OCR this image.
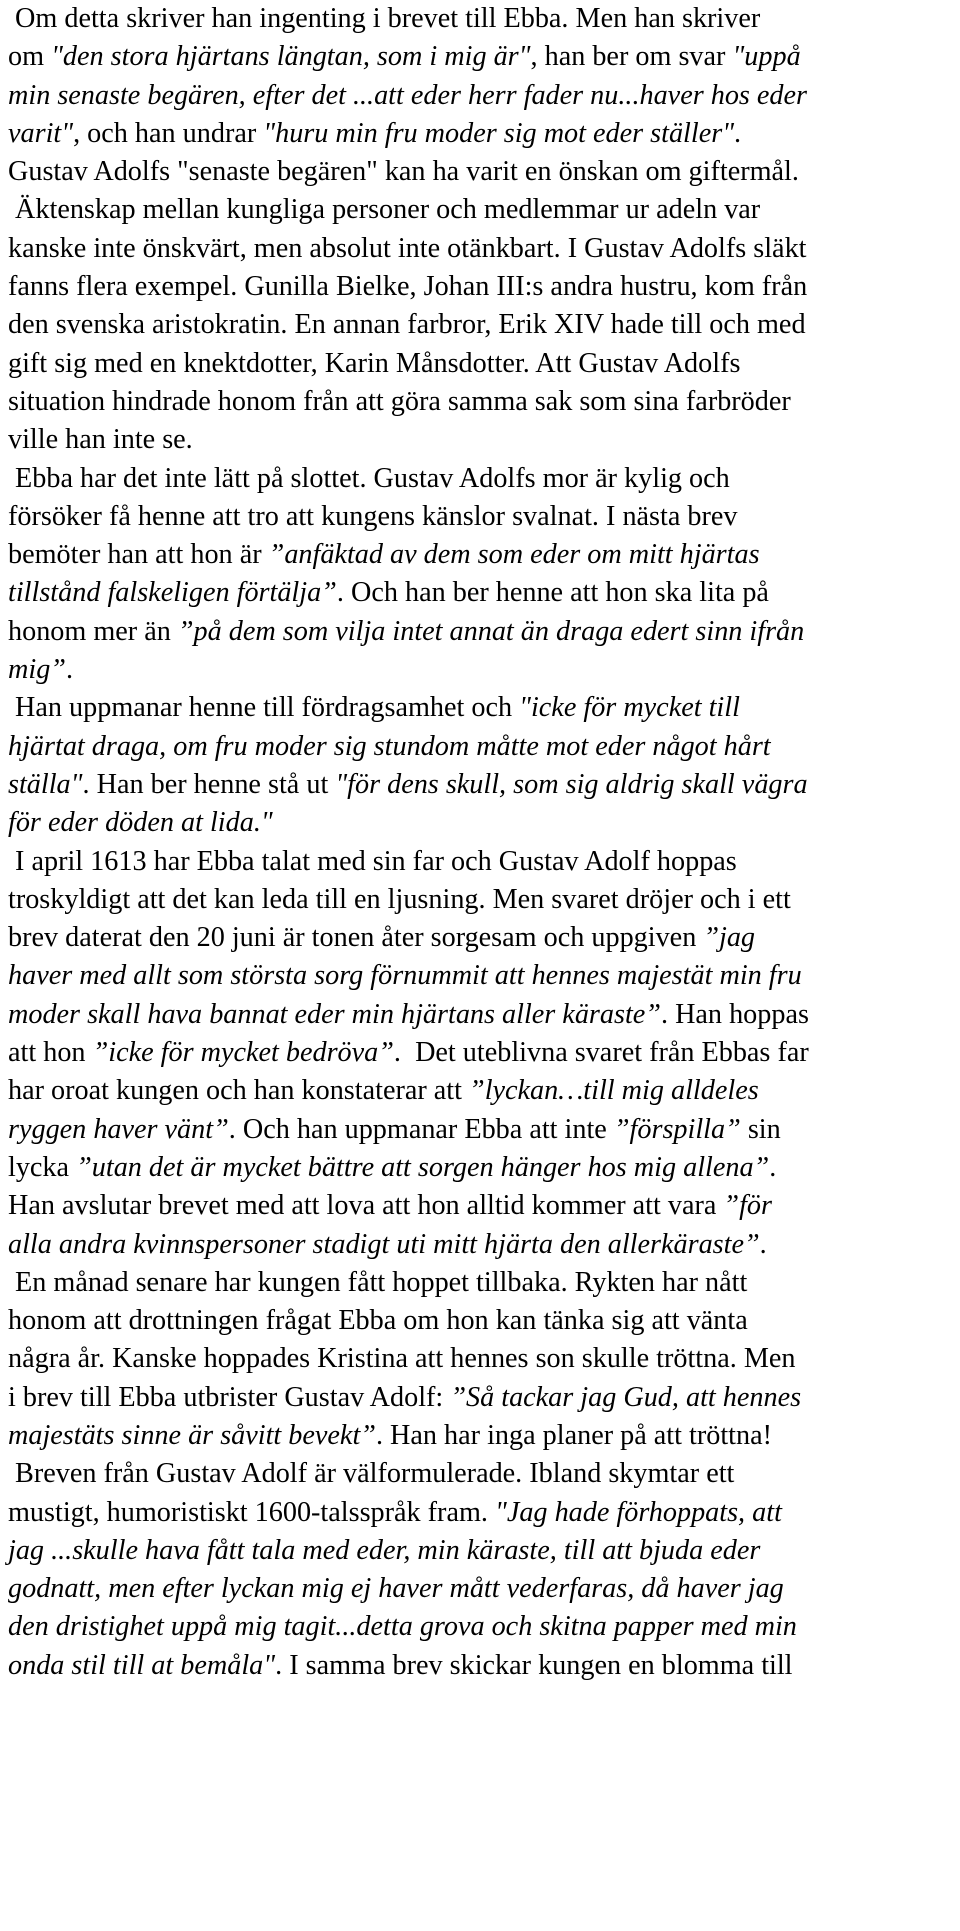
Om detta skriver han ingenting i brevet till Ebba. Men han skriver
om "den stora hjärtans längtan, som i mig är", han ber om svar "uppå
min senaste begären, efter det ...att eder herr fader nu...haver hos eder
varit", och han undrar "huru min fru moder sig mot eder ställer".
Gustav Adolfs "senaste begären" kan ha varit en önskan om giftermål.
Äktenskap mellan kungliga personer och medlemmar ur adeln var
kanske inte önskvärt, men absolut inte otänkbart. I Gustav Adolfs släkt
fanns flera exempel. Gunilla Bielke, Johan III:s andra hustru, kom från
den svenska aristokratin. En annan farbror, Erik XIV hade till och med
gift sig med en knektdotter, Karin Månsdotter. Att Gustav Adolfs
situation hindrade honom från att göra samma sak som sina farbröder
ville han inte se.
Ebba har det inte lätt på slottet. Gustav Adolfs mor är kylig och
försöker få henne att tro att kungens känslor svalnat. I nästa brev
bemöter han att hon är ”anfäktad av dem som eder om mitt hjärtas
tillstånd falskeligen förtälja”. Och han ber henne att hon ska lita på
honom mer än ”på dem som vilja intet annat än draga edert sinn ifrån
mig”.
Han uppmanar henne till fördragsamhet och "icke för mycket till
hjärtat draga, om fru moder sig stundom måtte mot eder något hårt
ställa". Han ber henne stå ut "för dens skull, som sig aldrig skall vägra
för eder döden at lida."
I april 1613 har Ebba talat med sin far och Gustav Adolf hoppas
troskyldigt att det kan leda till en ljusning. Men svaret dröjer och i ett
brev daterat den 20 juni är tonen åter sorgesam och uppgiven ”jag
haver med allt som största sorg förnummit att hennes majestät min fru
moder skall hava bannat eder min hjärtans aller käraste”. Han hoppas
att hon ”icke för mycket bedröva”.  Det uteblivna svaret från Ebbas far
har oroat kungen och han konstaterar att ”lyckan…till mig alldeles
ryggen haver vänt”. Och han uppmanar Ebba att inte ”förspilla” sin
lycka ”utan det är mycket bättre att sorgen hänger hos mig allena”.
Han avslutar brevet med att lova att hon alltid kommer att vara ”för
alla andra kvinnspersoner stadigt uti mitt hjärta den allerkäraste”.
En månad senare har kungen fått hoppet tillbaka. Rykten har nått
honom att drottningen frågat Ebba om hon kan tänka sig att vänta
några år. Kanske hoppades Kristina att hennes son skulle tröttna. Men
i brev till Ebba utbrister Gustav Adolf: ”Så tackar jag Gud, att hennes
majestäts sinne är såvitt bevekt”. Han har inga planer på att tröttna!
Breven från Gustav Adolf är välformulerade. Ibland skymtar ett
mustigt, humoristiskt 1600-talsspråk fram. "Jag hade förhoppats, att
jag ...skulle hava fått tala med eder, min käraste, till att bjuda eder
godnatt, men efter lyckan mig ej haver mått vederfaras, då haver jag
den dristighet uppå mig tagit...detta grova och skitna papper med min
onda stil till at bemåla". I samma brev skickar kungen en blomma till
